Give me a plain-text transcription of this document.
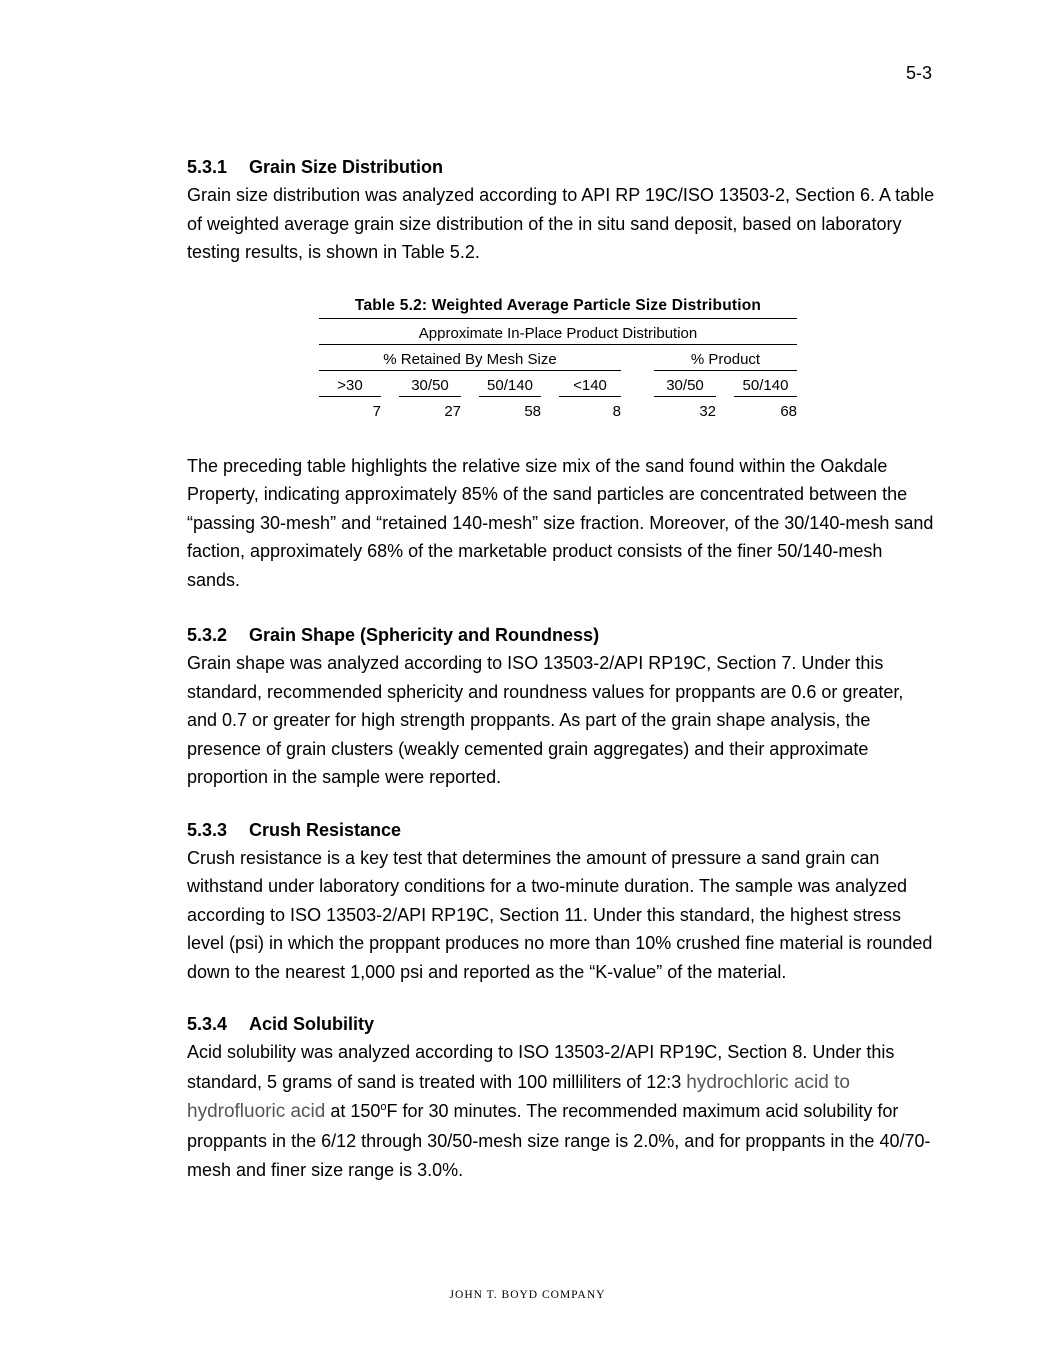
5-3
5.3.1 Grain Size Distribution

Grain size distribution was analyzed according to API RP 19C/ISO 13503-2, Section 6. A table of weighted average grain size distribution of the in situ sand deposit, based on laboratory testing results, is shown in Table 5.2.

Table 5.2: Weighted Average Particle Size Distribution
Approximate In-Place Product Distribution
% Retained By Mesh Size	% Product
>30	30/50	50/140	<140	30/50	50/140
7	27	58	8	32	68

The preceding table highlights the relative size mix of the sand found within the Oakdale Property, indicating approximately 85% of the sand particles are concentrated between the “passing 30-mesh” and “retained 140-mesh” size fraction. Moreover, of the 30/140-mesh sand faction, approximately 68% of the marketable product consists of the finer 50/140-mesh sands.

5.3.2 Grain Shape (Sphericity and Roundness)

Grain shape was analyzed according to ISO 13503-2/API RP19C, Section 7. Under this standard, recommended sphericity and roundness values for proppants are 0.6 or greater, and 0.7 or greater for high strength proppants. As part of the grain shape analysis, the presence of grain clusters (weakly cemented grain aggregates) and their approximate proportion in the sample were reported.

5.3.3 Crush Resistance

Crush resistance is a key test that determines the amount of pressure a sand grain can withstand under laboratory conditions for a two-minute duration. The sample was analyzed according to ISO 13503-2/API RP19C, Section 11. Under this standard, the highest stress level (psi) in which the proppant produces no more than 10% crushed fine material is rounded down to the nearest 1,000 psi and reported as the “K-value” of the material.

5.3.4 Acid Solubility

Acid solubility was analyzed according to ISO 13503-2/API RP19C, Section 8. Under this standard, 5 grams of sand is treated with 100 milliliters of 12:3 hydrochloric acid to hydrofluoric acid at 150$^o$F for 30 minutes. The recommended maximum acid solubility for proppants in the 6/12 through 30/50-mesh size range is 2.0%, and for proppants in the 40/70-mesh and finer size range is 3.0%.

JOHN T. BOYD COMPANY
